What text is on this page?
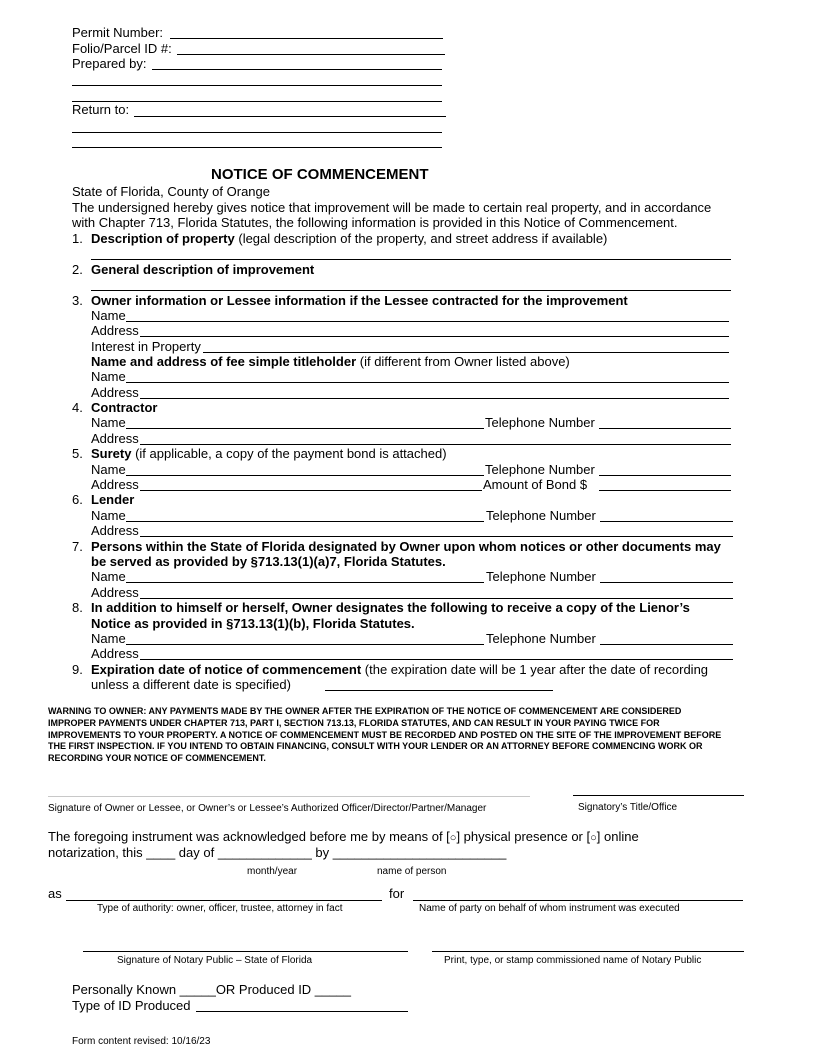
Permit Number:
Folio/Parcel ID #:
Prepared by:
Return to:
NOTICE OF COMMENCEMENT
State of Florida, County of Orange
The undersigned hereby gives notice that improvement will be made to certain real property, and in accordance
with Chapter 713, Florida Statutes, the following information is provided in this Notice of Commencement.
1. Description of property (legal description of the property, and street address if available)
2. General description of improvement
3. Owner information or Lessee information if the Lessee contracted for the improvement
Name
Address
Interest in Property
Name and address of fee simple titleholder (if different from Owner listed above)
Name
Address
4. Contractor
Name	Telephone Number
Address
5. Surety (if applicable, a copy of the payment bond is attached)
Name	Telephone Number
Address	Amount of Bond $
6. Lender
Name	Telephone Number
Address
7. Persons within the State of Florida designated by Owner upon whom notices or other documents may
be served as provided by §713.13(1)(a)7, Florida Statutes.
Name	Telephone Number
Address
8. In addition to himself or herself, Owner designates the following to receive a copy of the Lienor’s
Notice as provided in §713.13(1)(b), Florida Statutes.
Name	Telephone Number
Address
9. Expiration date of notice of commencement (the expiration date will be 1 year after the date of recording
unless a different date is specified)
WARNING TO OWNER: ANY PAYMENTS MADE BY THE OWNER AFTER THE EXPIRATION OF THE NOTICE OF COMMENCEMENT ARE CONSIDERED IMPROPER PAYMENTS UNDER CHAPTER 713, PART I, SECTION 713.13, FLORIDA STATUTES, AND CAN RESULT IN YOUR PAYING TWICE FOR IMPROVEMENTS TO YOUR PROPERTY. A NOTICE OF COMMENCEMENT MUST BE RECORDED AND POSTED ON THE SITE OF THE IMPROVEMENT BEFORE THE FIRST INSPECTION. IF YOU INTEND TO OBTAIN FINANCING, CONSULT WITH YOUR LENDER OR AN ATTORNEY BEFORE COMMENCING WORK OR RECORDING YOUR NOTICE OF COMMENCEMENT.
Signature of Owner or Lessee, or Owner’s or Lessee’s Authorized Officer/Director/Partner/Manager	Signatory’s Title/Office
The foregoing instrument was acknowledged before me by means of [○] physical presence or [○] online
notarization, this ____ day of _____________ by ________________________
month/year	name of person
as	for
Type of authority: owner, officer, trustee, attorney in fact	Name of party on behalf of whom instrument was executed
Signature of Notary Public – State of Florida	Print, type, or stamp commissioned name of Notary Public
Personally Known _____OR Produced ID _____
Type of ID Produced
Form content revised: 10/16/23
